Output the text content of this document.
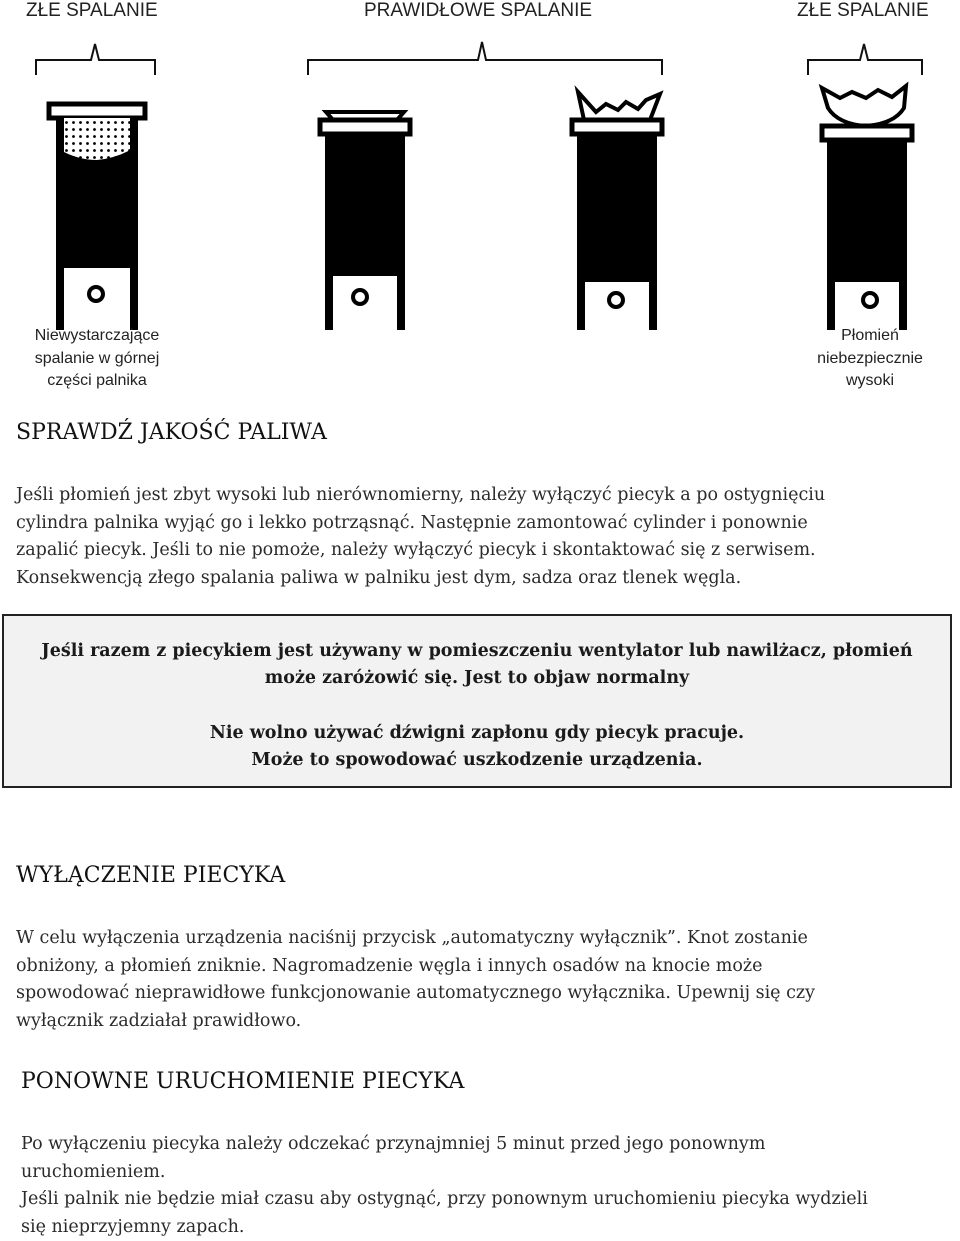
ZŁE SPALANIE	PRAWIDŁOWE SPALANIE	ZŁE SPALANIE
Niewystarczające
spalanie w górnej
części palnika
Płomień
niebezpiecznie
wysoki
SPRAWDŹ JAKOŚĆ PALIWA
Jeśli płomień jest zbyt wysoki lub nierównomierny, należy wyłączyć piecyk a po ostygnięciu
cylindra palnika wyjąć go i lekko potrząsnąć. Następnie zamontować cylinder i ponownie
zapalić piecyk. Jeśli to nie pomoże, należy wyłączyć piecyk i skontaktować się z serwisem.
Konsekwencją złego spalania paliwa w palniku jest dym, sadza oraz tlenek węgla.
Jeśli razem z piecykiem jest używany w pomieszczeniu wentylator lub nawilżacz, płomień może zaróżowić się. Jest to objaw normalny
Nie wolno używać dźwigni zapłonu gdy piecyk pracuje.
Może to spowodować uszkodzenie urządzenia.
WYŁĄCZENIE PIECYKA
W celu wyłączenia urządzenia naciśnij przycisk „automatyczny wyłącznik”. Knot zostanie
obniżony, a płomień zniknie. Nagromadzenie węgla i innych osadów na knocie może
spowodować nieprawidłowe funkcjonowanie automatycznego wyłącznika. Upewnij się czy
wyłącznik zadziałał prawidłowo.
PONOWNE URUCHOMIENIE PIECYKA
Po wyłączeniu piecyka należy odczekać przynajmniej 5 minut przed jego ponownym
uruchomieniem.
Jeśli palnik nie będzie miał czasu aby ostygnąć, przy ponownym uruchomieniu piecyka wydzieli
się nieprzyjemny zapach.
